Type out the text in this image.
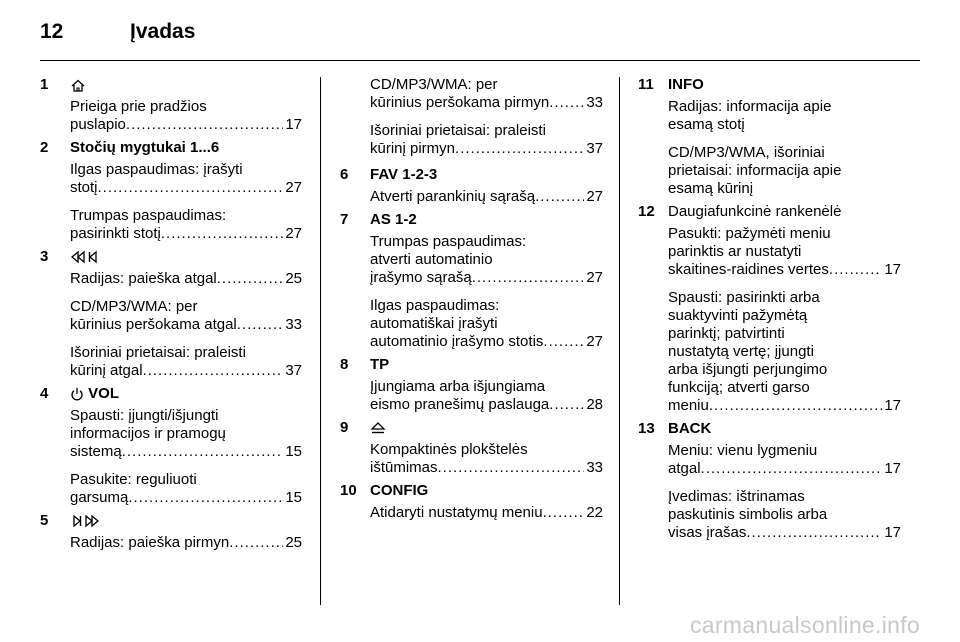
12	Įvadas
1
Prieiga prie pradžios
puslapio .....	17
2 Stočių mygtukai 1...6
Ilgas paspaudimas: įrašyti
stotį .....	27
Trumpas paspaudimas:
pasirinkti stotį .....	27
3
Radijas: paieška atgal .....	25
CD/MP3/WMA: per
kūrinius peršokama atgal .....	33
Išoriniai prietaisai: praleisti
kūrinį atgal .....	37
4	VOL
Spausti: įjungti/išjungti
informacijos ir pramogų
sistemą .....	15
Pasukite: reguliuoti
garsumą .....	15
5
Radijas: paieška pirmyn .....	25
CD/MP3/WMA: per
kūrinius peršokama pirmyn ..... 33
Išoriniai prietaisai: praleisti
kūrinį pirmyn .....	37
6 FAV 1-2-3
Atverti parankinių sąrašą .....	27
7 AS 1-2
Trumpas paspaudimas:
atverti automatinio
įrašymo sąrašą .....	27
Ilgas paspaudimas:
automatiškai įrašyti
automatinio įrašymo stotis .....	27
8 TP
Įjungiama arba išjungiama
eismo pranešimų paslauga ..... 28
9
Kompaktinės plokštelės
ištūmimas .....	33
10 CONFIG
Atidaryti nustatymų meniu .....	22
11 INFO
Radijas: informacija apie
esamą stotį
CD/MP3/WMA, išoriniai
prietaisai: informacija apie
esamą kūrinį
12 Daugiafunkcinė rankenėlė
Pasukti: pažymėti meniu
parinktis ar nustatyti
skaitines-raidines vertes .....	17
Spausti: pasirinkti arba
suaktyvinti pažymėtą
parinktį; patvirtinti
nustatytą vertę; įjungti
arba išjungti perjungimo
funkciją; atverti garso
meniu .....	17
13 BACK
Meniu: vienu lygmeniu
atgal .....	17
Įvedimas: ištrinamas
paskutinis simbolis arba
visas įrašas .....	17
carmanualsonline.info
